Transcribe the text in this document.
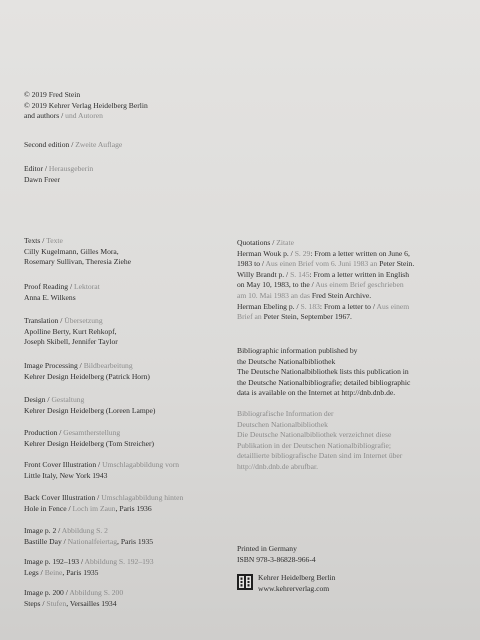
© 2019 Fred Stein
© 2019 Kehrer Verlag Heidelberg Berlin
and authors / und Autoren
Second edition / Zweite Auflage
Editor / Herausgeberin
Dawn Freer
Texts / Texte
Cilly Kugelmann, Gilles Mora,
Rosemary Sullivan, Theresia Ziehe
Proof Reading / Lektorat
Anna E. Wilkens
Translation / Übersetzung
Apolline Berty, Kurt Rehkopf,
Joseph Skibell, Jennifer Taylor
Image Processing / Bildbearbeitung
Kehrer Design Heidelberg (Patrick Horn)
Design / Gestaltung
Kehrer Design Heidelberg (Loreen Lampe)
Production / Gesamtherstellung
Kehrer Design Heidelberg (Tom Streicher)
Front Cover Illustration / Umschlagabbildung vorn
Little Italy, New York 1943
Back Cover Illustration / Umschlagabbildung hinten
Hole in Fence / Loch im Zaun, Paris 1936
Image p. 2 / Abbildung S. 2
Bastille Day / Nationalfeiertag, Paris 1935
Image p. 192–193 / Abbildung S. 192–193
Legs / Beine, Paris 1935
Image p. 200 / Abbildung S. 200
Steps / Stufen, Versailles 1934
Quotations / Zitate
Herman Wouk p. / S. 29: From a letter written on June 6,
1983 to / Aus einen Brief vom 6. Juni 1983 an Peter Stein.
Willy Brandt p. / S. 145: From a letter written in English
on May 10, 1983, to the / Aus einem Brief geschrieben
am 10. Mai 1983 an das Fred Stein Archive.
Herman Ebeling p. / S. 183: From a letter to / Aus einem
Brief an Peter Stein, September 1967.
Bibliographic information published by
the Deutsche Nationalbibliothek
The Deutsche Nationalbibliothek lists this publication in
the Deutsche Nationalbibliografie; detailed bibliographic
data is available on the Internet at http://dnb.dnb.de.
Bibliografische Information der
Deutschen Nationalbibliothek
Die Deutsche Nationalbibliothek verzeichnet diese
Publikation in der Deutschen Nationalbibliografie;
detaillierte bibliografische Daten sind im Internet über
http://dnb.dnb.de abrufbar.
Printed in Germany
ISBN 978-3-86828-966-4
Kehrer Heidelberg Berlin
www.kehrerverlag.com
